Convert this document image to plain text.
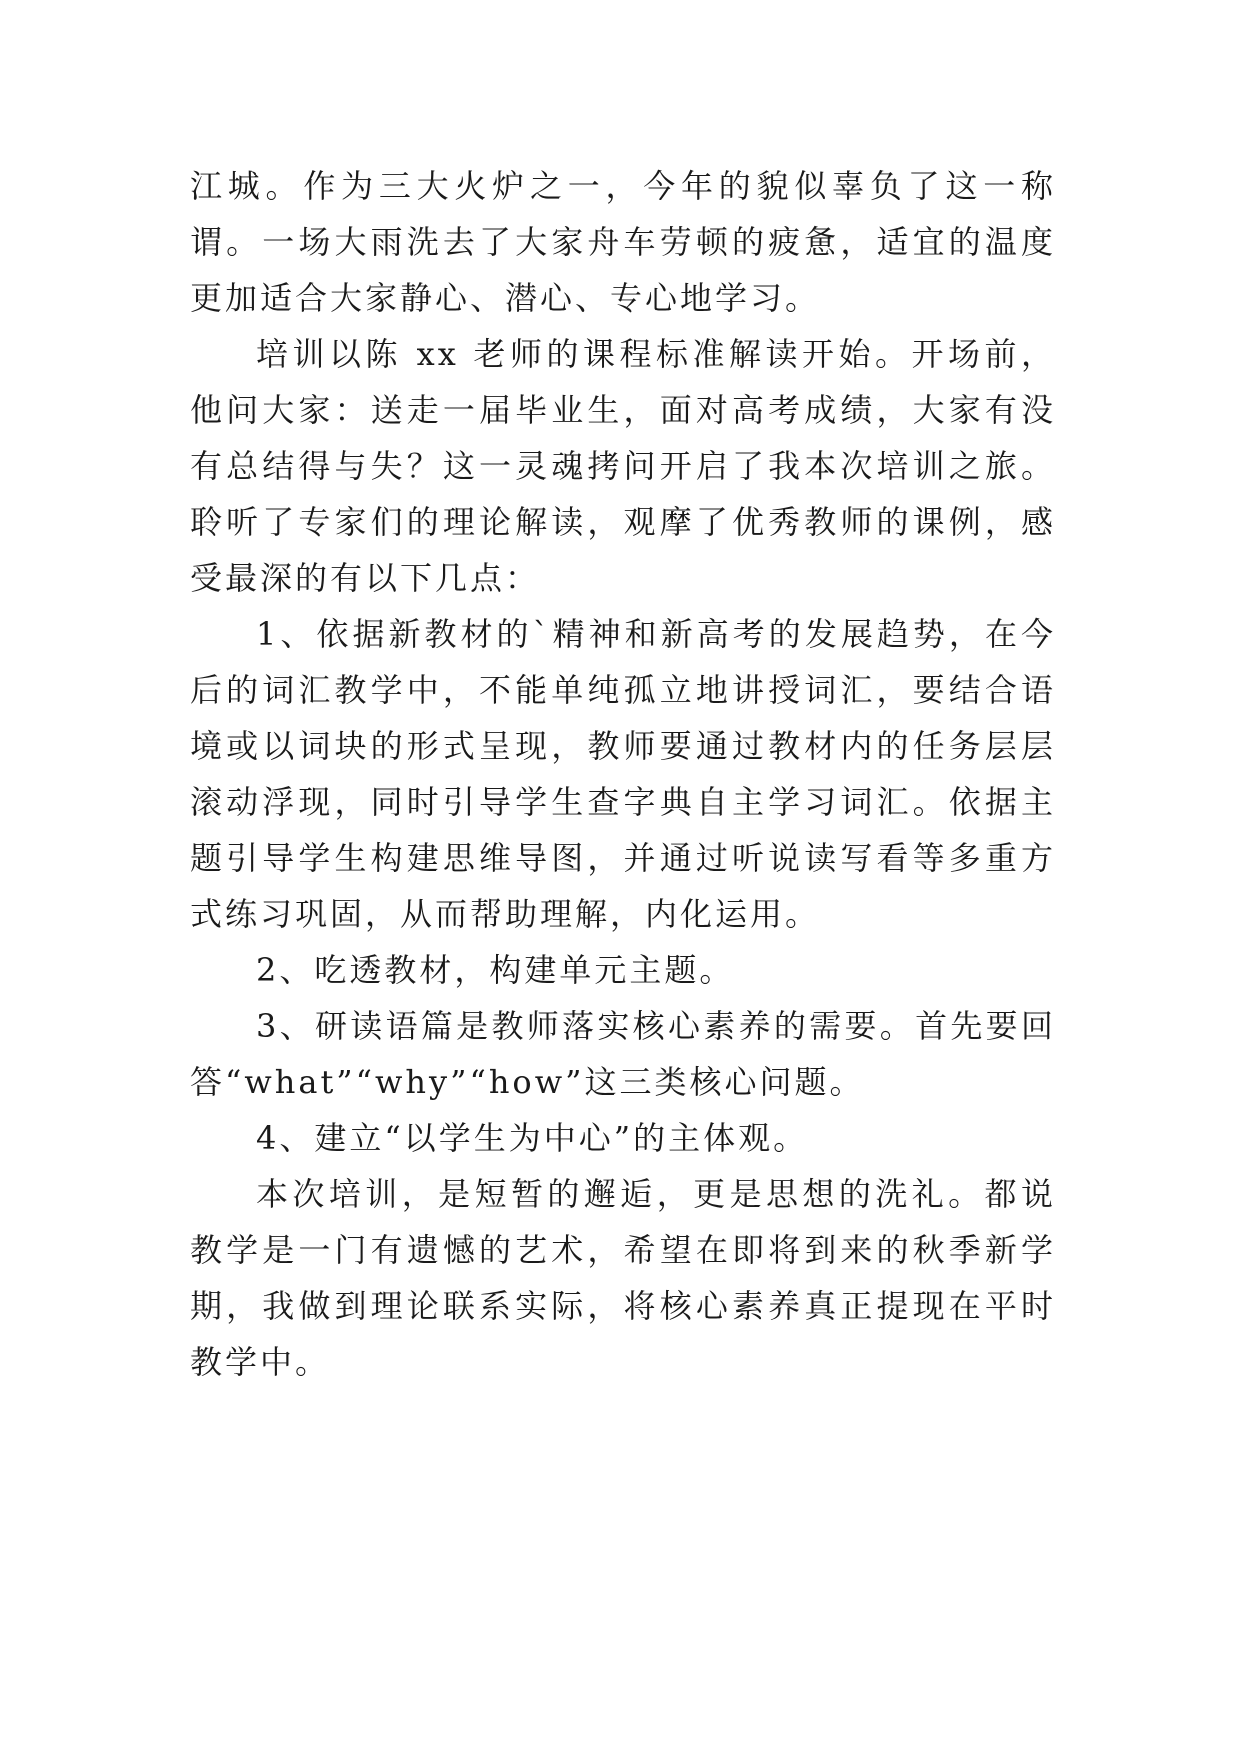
江城。作为三大火炉之一，今年的貌似辜负了这一称谓。一场大雨洗去了大家舟车劳顿的疲惫，适宜的温度更加适合大家静心、潜心、专心地学习。

培训以陈 xx 老师的课程标准解读开始。开场前，他问大家：送走一届毕业生，面对高考成绩，大家有没有总结得与失？这一灵魂拷问开启了我本次培训之旅。聆听了专家们的理论解读，观摩了优秀教师的课例，感受最深的有以下几点：

1、依据新教材的`精神和新高考的发展趋势，在今后的词汇教学中，不能单纯孤立地讲授词汇，要结合语境或以词块的形式呈现，教师要通过教材内的任务层层滚动浮现，同时引导学生查字典自主学习词汇。依据主题引导学生构建思维导图，并通过听说读写看等多重方式练习巩固，从而帮助理解，内化运用。

2、吃透教材，构建单元主题。

3、研读语篇是教师落实核心素养的需要。首先要回答“what”“why”“how”这三类核心问题。

4、建立“以学生为中心”的主体观。

本次培训，是短暂的邂逅，更是思想的洗礼。都说教学是一门有遗憾的艺术，希望在即将到来的秋季新学期，我做到理论联系实际，将核心素养真正提现在平时教学中。
